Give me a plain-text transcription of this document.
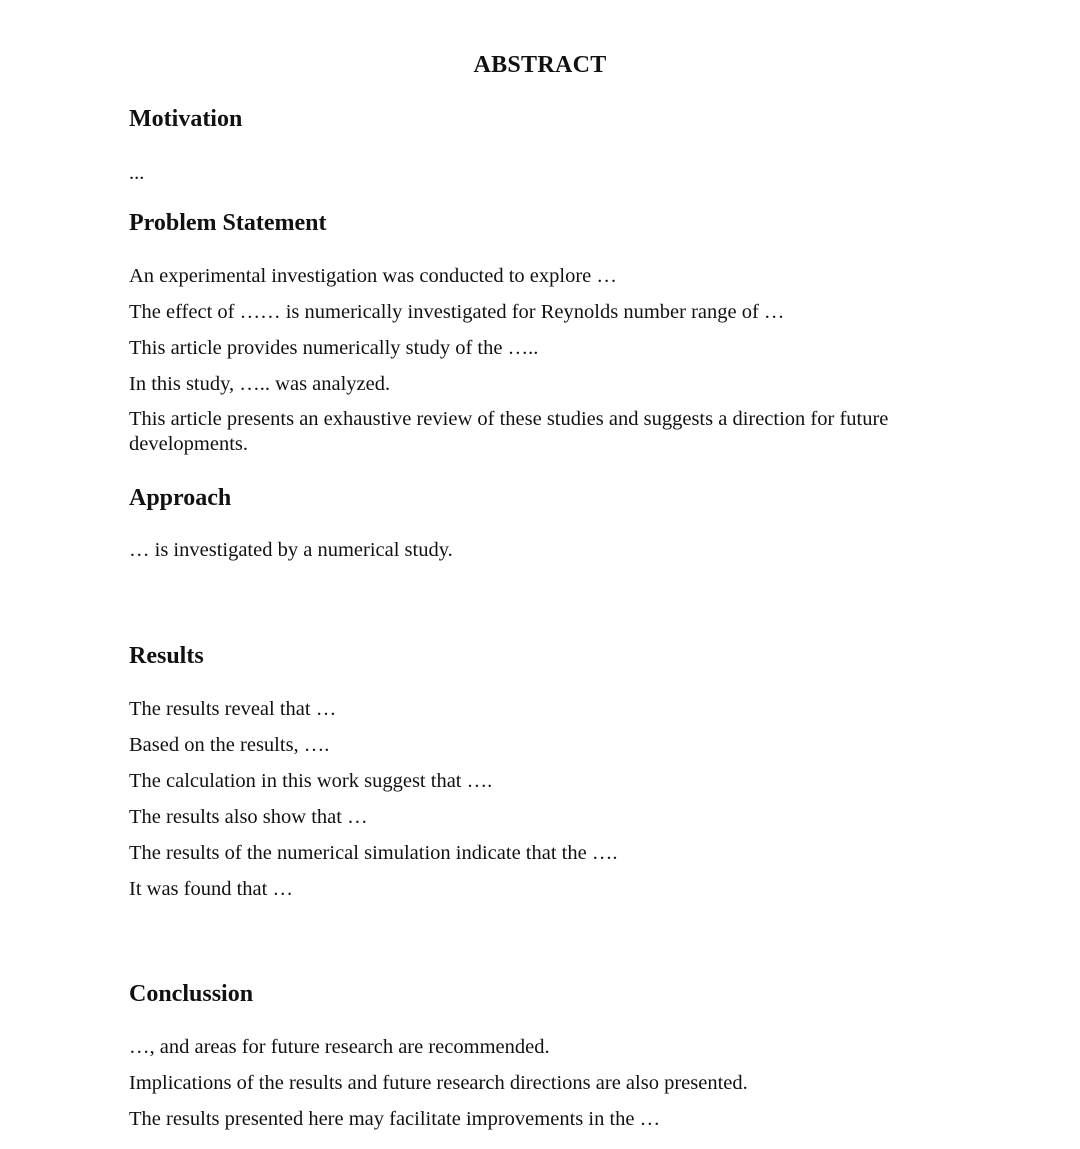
ABSTRACT
Motivation

...

Problem Statement

An experimental investigation was conducted to explore …

The effect of …… is numerically investigated for Reynolds number range of …

This article provides numerically study of the …..

In this study, ….. was analyzed.

This article presents an exhaustive review of these studies and suggests a direction for future developments.

Approach

… is investigated by a numerical study.

Results

The results reveal that …

Based on the results, ….

The calculation in this work suggest that ….

The results also show that …

The results of the numerical simulation indicate that the ….

It was found that …

Conclussion

…, and areas for future research are recommended.

Implications of the results and future research directions are also presented.

The results presented here may facilitate improvements in the …
